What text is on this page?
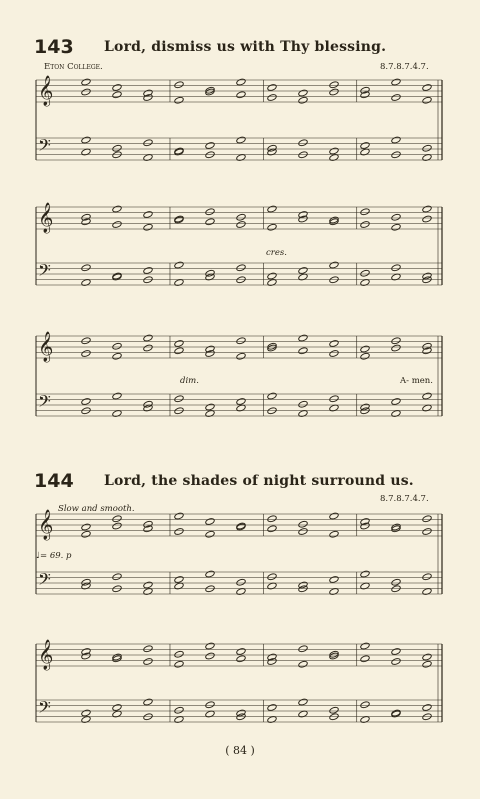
143 Lord, dismiss us with Thy blessing.
Eton College.	8.7.8.7.4.7.
cres.
dim.	A- men.
144 Lord, the shades of night surround us.
8.7.8.7.4.7.
Slow and smooth.
♩= 69. p
( 84 )
𝄞
𝄢
𝄞
𝄢
𝄞
𝄢
𝄞
𝄢
𝄞
𝄢
